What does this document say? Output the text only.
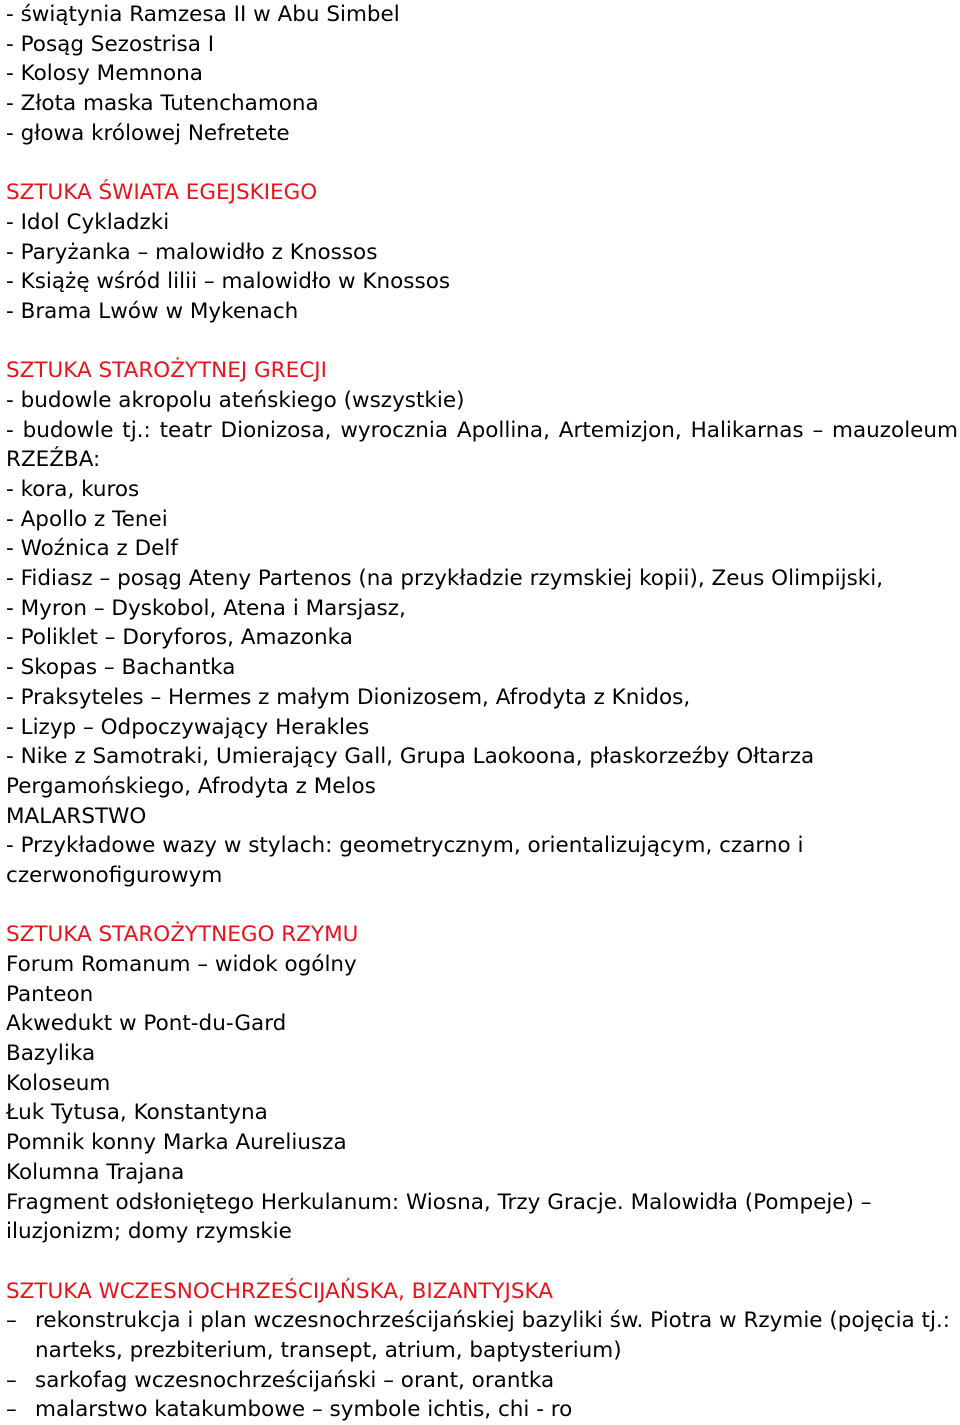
- świątynia Ramzesa II w Abu Simbel
- Posąg Sezostrisa I
- Kolosy Memnona
- Złota maska Tutenchamona
- głowa królowej Nefretete
SZTUKA ŚWIATA EGEJSKIEGO
- Idol Cykladzki
- Paryżanka – malowidło z Knossos
- Książę wśród lilii – malowidło w Knossos
- Brama Lwów w Mykenach
SZTUKA STAROŻYTNEJ GRECJI
- budowle akropolu ateńskiego (wszystkie)
- budowle tj.: teatr Dionizosa, wyrocznia Apollina, Artemizjon, Halikarnas – mauzoleum
RZEŹBA:
- kora, kuros
- Apollo z Tenei
- Woźnica z Delf
- Fidiasz – posąg Ateny Partenos (na przykładzie rzymskiej kopii), Zeus Olimpijski,
- Myron – Dyskobol, Atena i Marsjasz,
- Poliklet – Doryforos, Amazonka
- Skopas – Bachantka
- Praksyteles – Hermes z małym Dionizosem, Afrodyta z Knidos,
- Lizyp – Odpoczywający Herakles
- Nike z Samotraki, Umierający Gall, Grupa Laokoona, płaskorzeźby Ołtarza
Pergamońskiego, Afrodyta z Melos
MALARSTWO
- Przykładowe wazy w stylach: geometrycznym, orientalizującym, czarno i
czerwonofigurowym
SZTUKA STAROŻYTNEGO RZYMU
Forum Romanum – widok ogólny
Panteon
Akwedukt w Pont-du-Gard
Bazylika
Koloseum
Łuk Tytusa, Konstantyna
Pomnik konny Marka Aureliusza
Kolumna Trajana
Fragment odsłoniętego Herkulanum: Wiosna, Trzy Gracje. Malowidła (Pompeje) –
iluzjonizm; domy rzymskie
SZTUKA WCZESNOCHRZEŚCIJAŃSKA, BIZANTYJSKA
– rekonstrukcja i plan wczesnochrześcijańskiej bazyliki św. Piotra w Rzymie (pojęcia tj.:
narteks, prezbiterium, transept, atrium, baptysterium)
– sarkofag wczesnochrześcijański – orant, orantka
– malarstwo katakumbowe – symbole ichtis, chi - ro
